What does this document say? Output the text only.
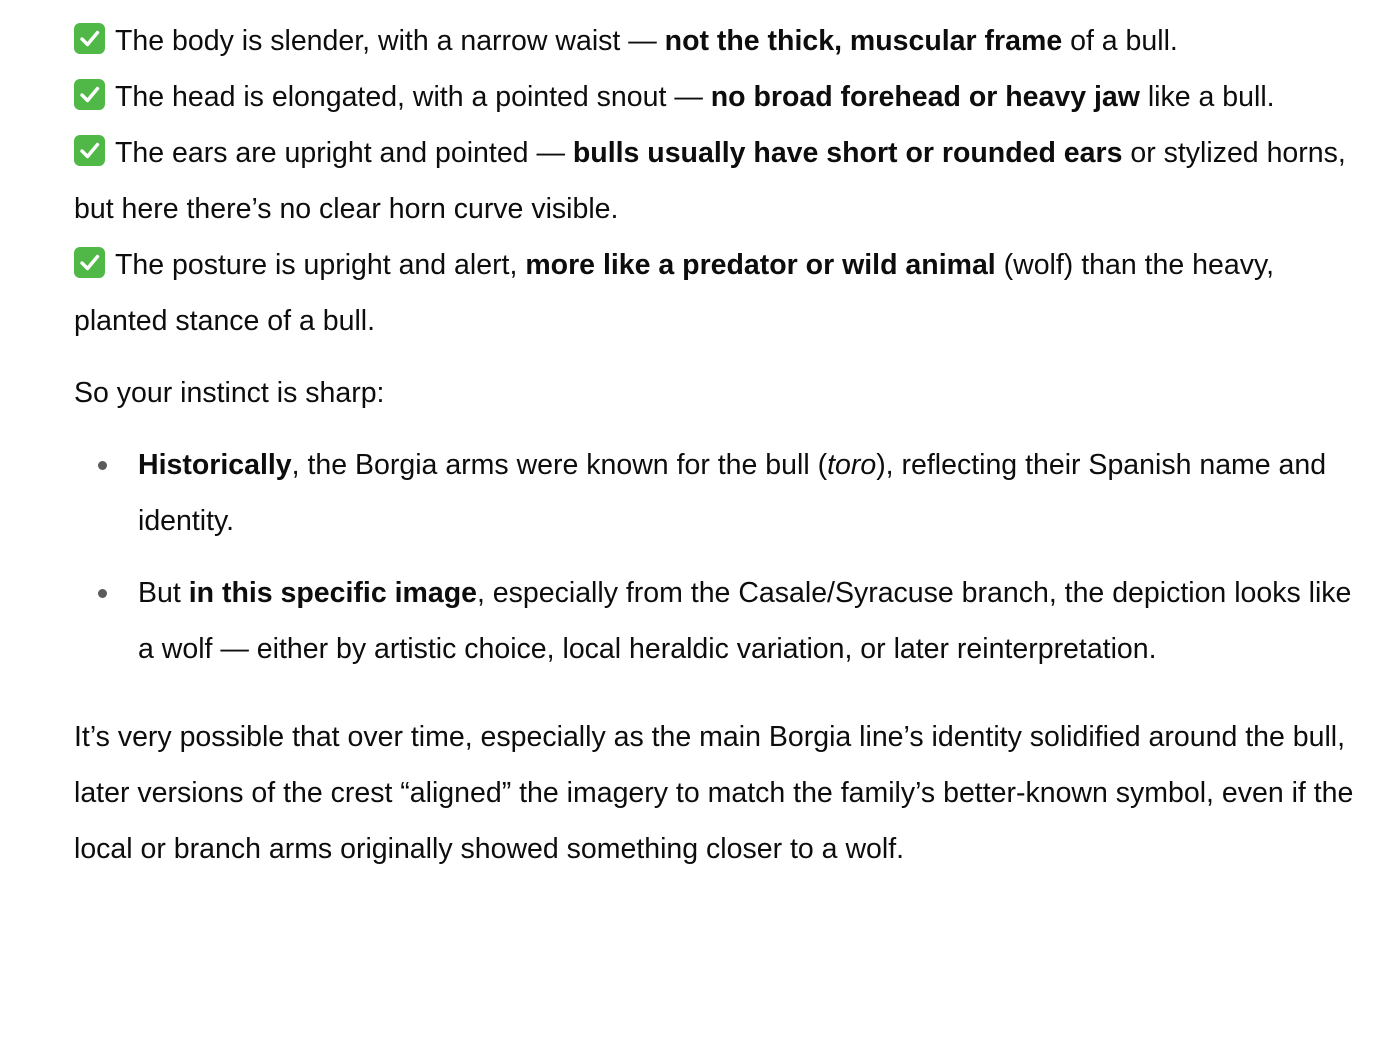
The body is slender, with a narrow waist — not the thick, muscular frame of a bull.

The head is elongated, with a pointed snout — no broad forehead or heavy jaw like a bull.

The ears are upright and pointed — bulls usually have short or rounded ears or stylized horns, but here there’s no clear horn curve visible.

The posture is upright and alert, more like a predator or wild animal (wolf) than the heavy, planted stance of a bull.

So your instinct is sharp:

Historically, the Borgia arms were known for the bull (toro), reflecting their Spanish name and identity.
But in this specific image, especially from the Casale/Syracuse branch, the depiction looks like a wolf — either by artistic choice, local heraldic variation, or later reinterpretation.

It’s very possible that over time, especially as the main Borgia line’s identity solidified around the bull, later versions of the crest “aligned” the imagery to match the family’s better-known symbol, even if the local or branch arms originally showed something closer to a wolf.
